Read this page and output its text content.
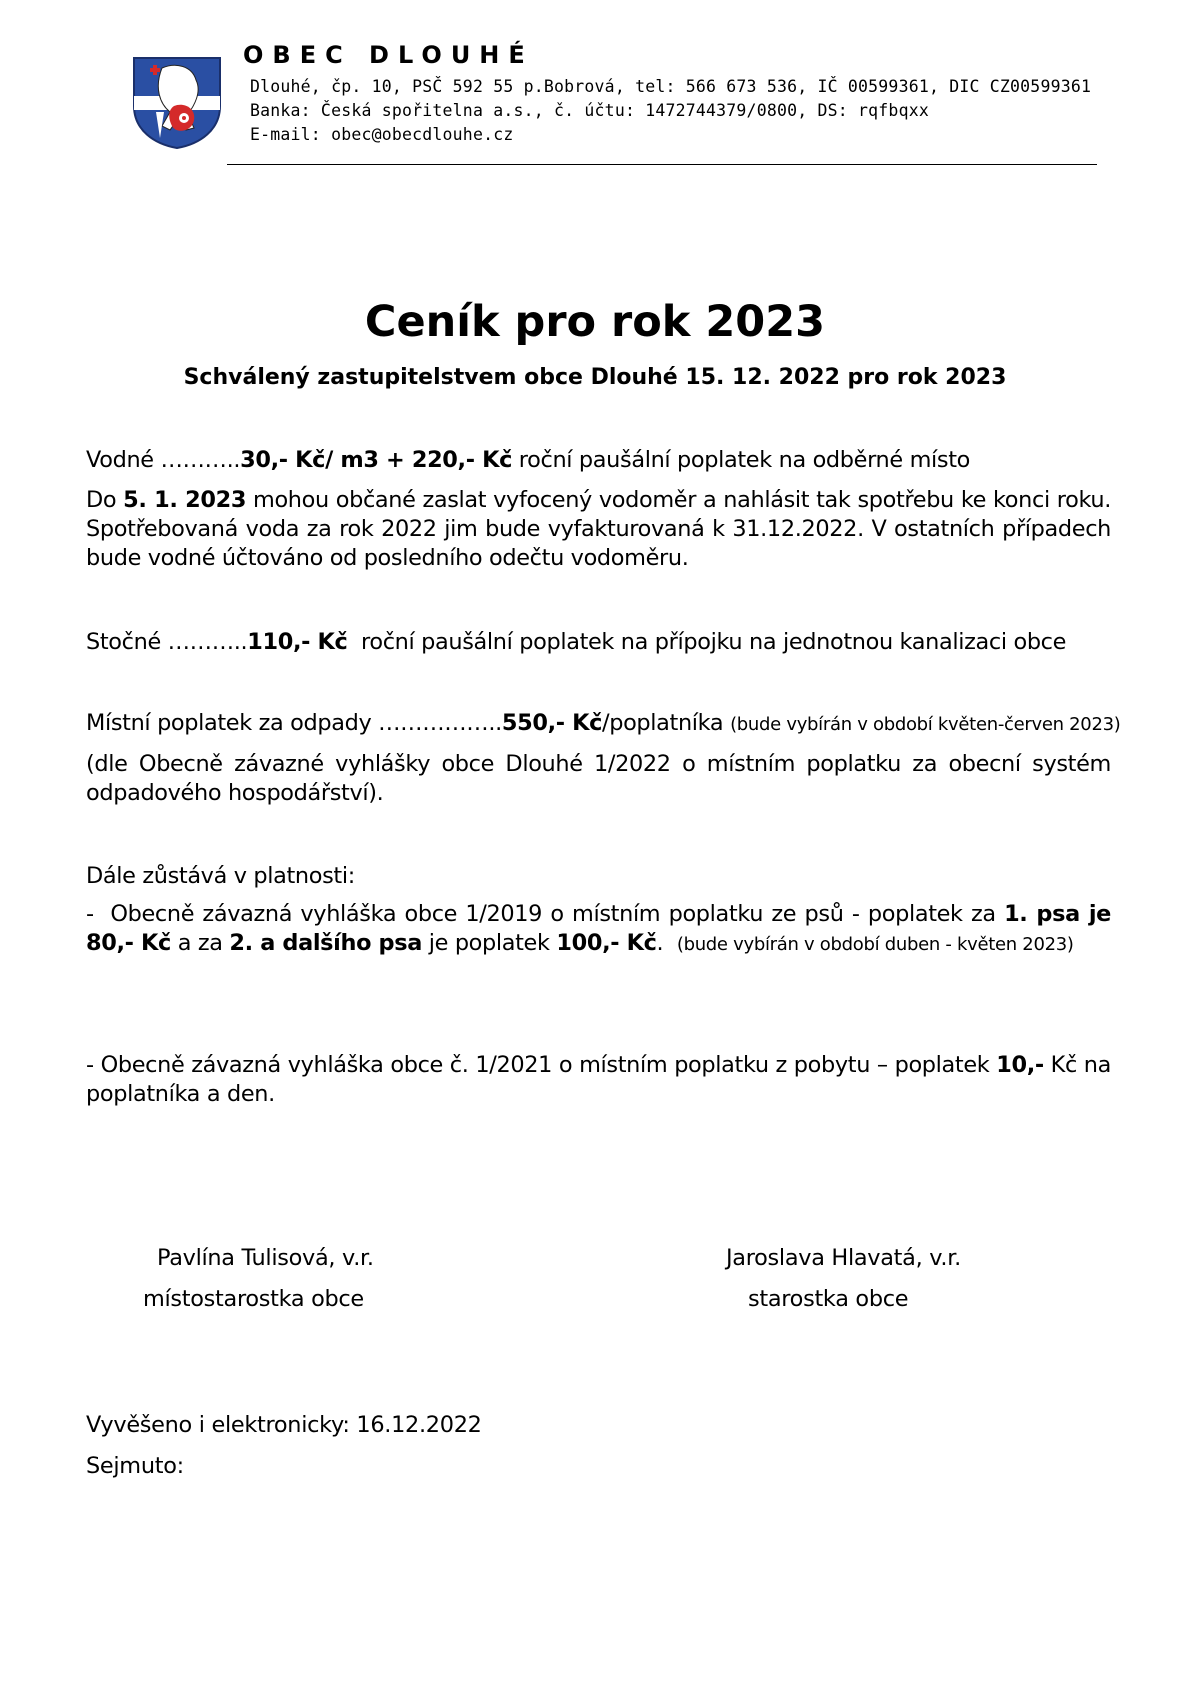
OBEC DLOUHÉ
Dlouhé, čp. 10, PSČ 592 55 p.Bobrová, tel: 566 673 536, IČ 00599361, DIC CZ00599361
Banka: Česká spořitelna a.s., č. účtu: 1472744379/0800, DS: rqfbqxx
E-mail: obec@obecdlouhe.cz
Ceník pro rok 2023
Schválený zastupitelstvem obce Dlouhé 15. 12. 2022 pro rok 2023
Vodné ………..30,- Kč/ m3 + 220,- Kč roční paušální poplatek na odběrné místo
Do 5. 1. 2023 mohou občané zaslat vyfocený vodoměr a nahlásit tak spotřebu ke konci roku. Spotřebovaná voda za rok 2022 jim bude vyfakturovaná k 31.12.2022. V ostatních případech bude vodné účtováno od posledního odečtu vodoměru.
Stočné ………..110,- Kč  roční paušální poplatek na přípojku na jednotnou kanalizaci obce
Místní poplatek za odpady ……………..550,- Kč/poplatníka (bude vybírán v období květen-červen 2023)
(dle Obecně závazné vyhlášky obce Dlouhé 1/2022 o místním poplatku za obecní systém odpadového hospodářství).
Dále zůstává v platnosti:
-  Obecně závazná vyhláška obce 1/2019 o místním poplatku ze psů - poplatek za 1. psa je 80,- Kč a za 2. a dalšího psa je poplatek 100,- Kč.  (bude vybírán v období duben - květen 2023)
- Obecně závazná vyhláška obce č. 1/2021 o místním poplatku z pobytu – poplatek 10,- Kč na poplatníka a den.
Pavlína Tulisová, v.r.
místostarostka obce
Jaroslava Hlavatá, v.r.
starostka obce
Vyvěšeno i elektronicky: 16.12.2022
Sejmuto:
